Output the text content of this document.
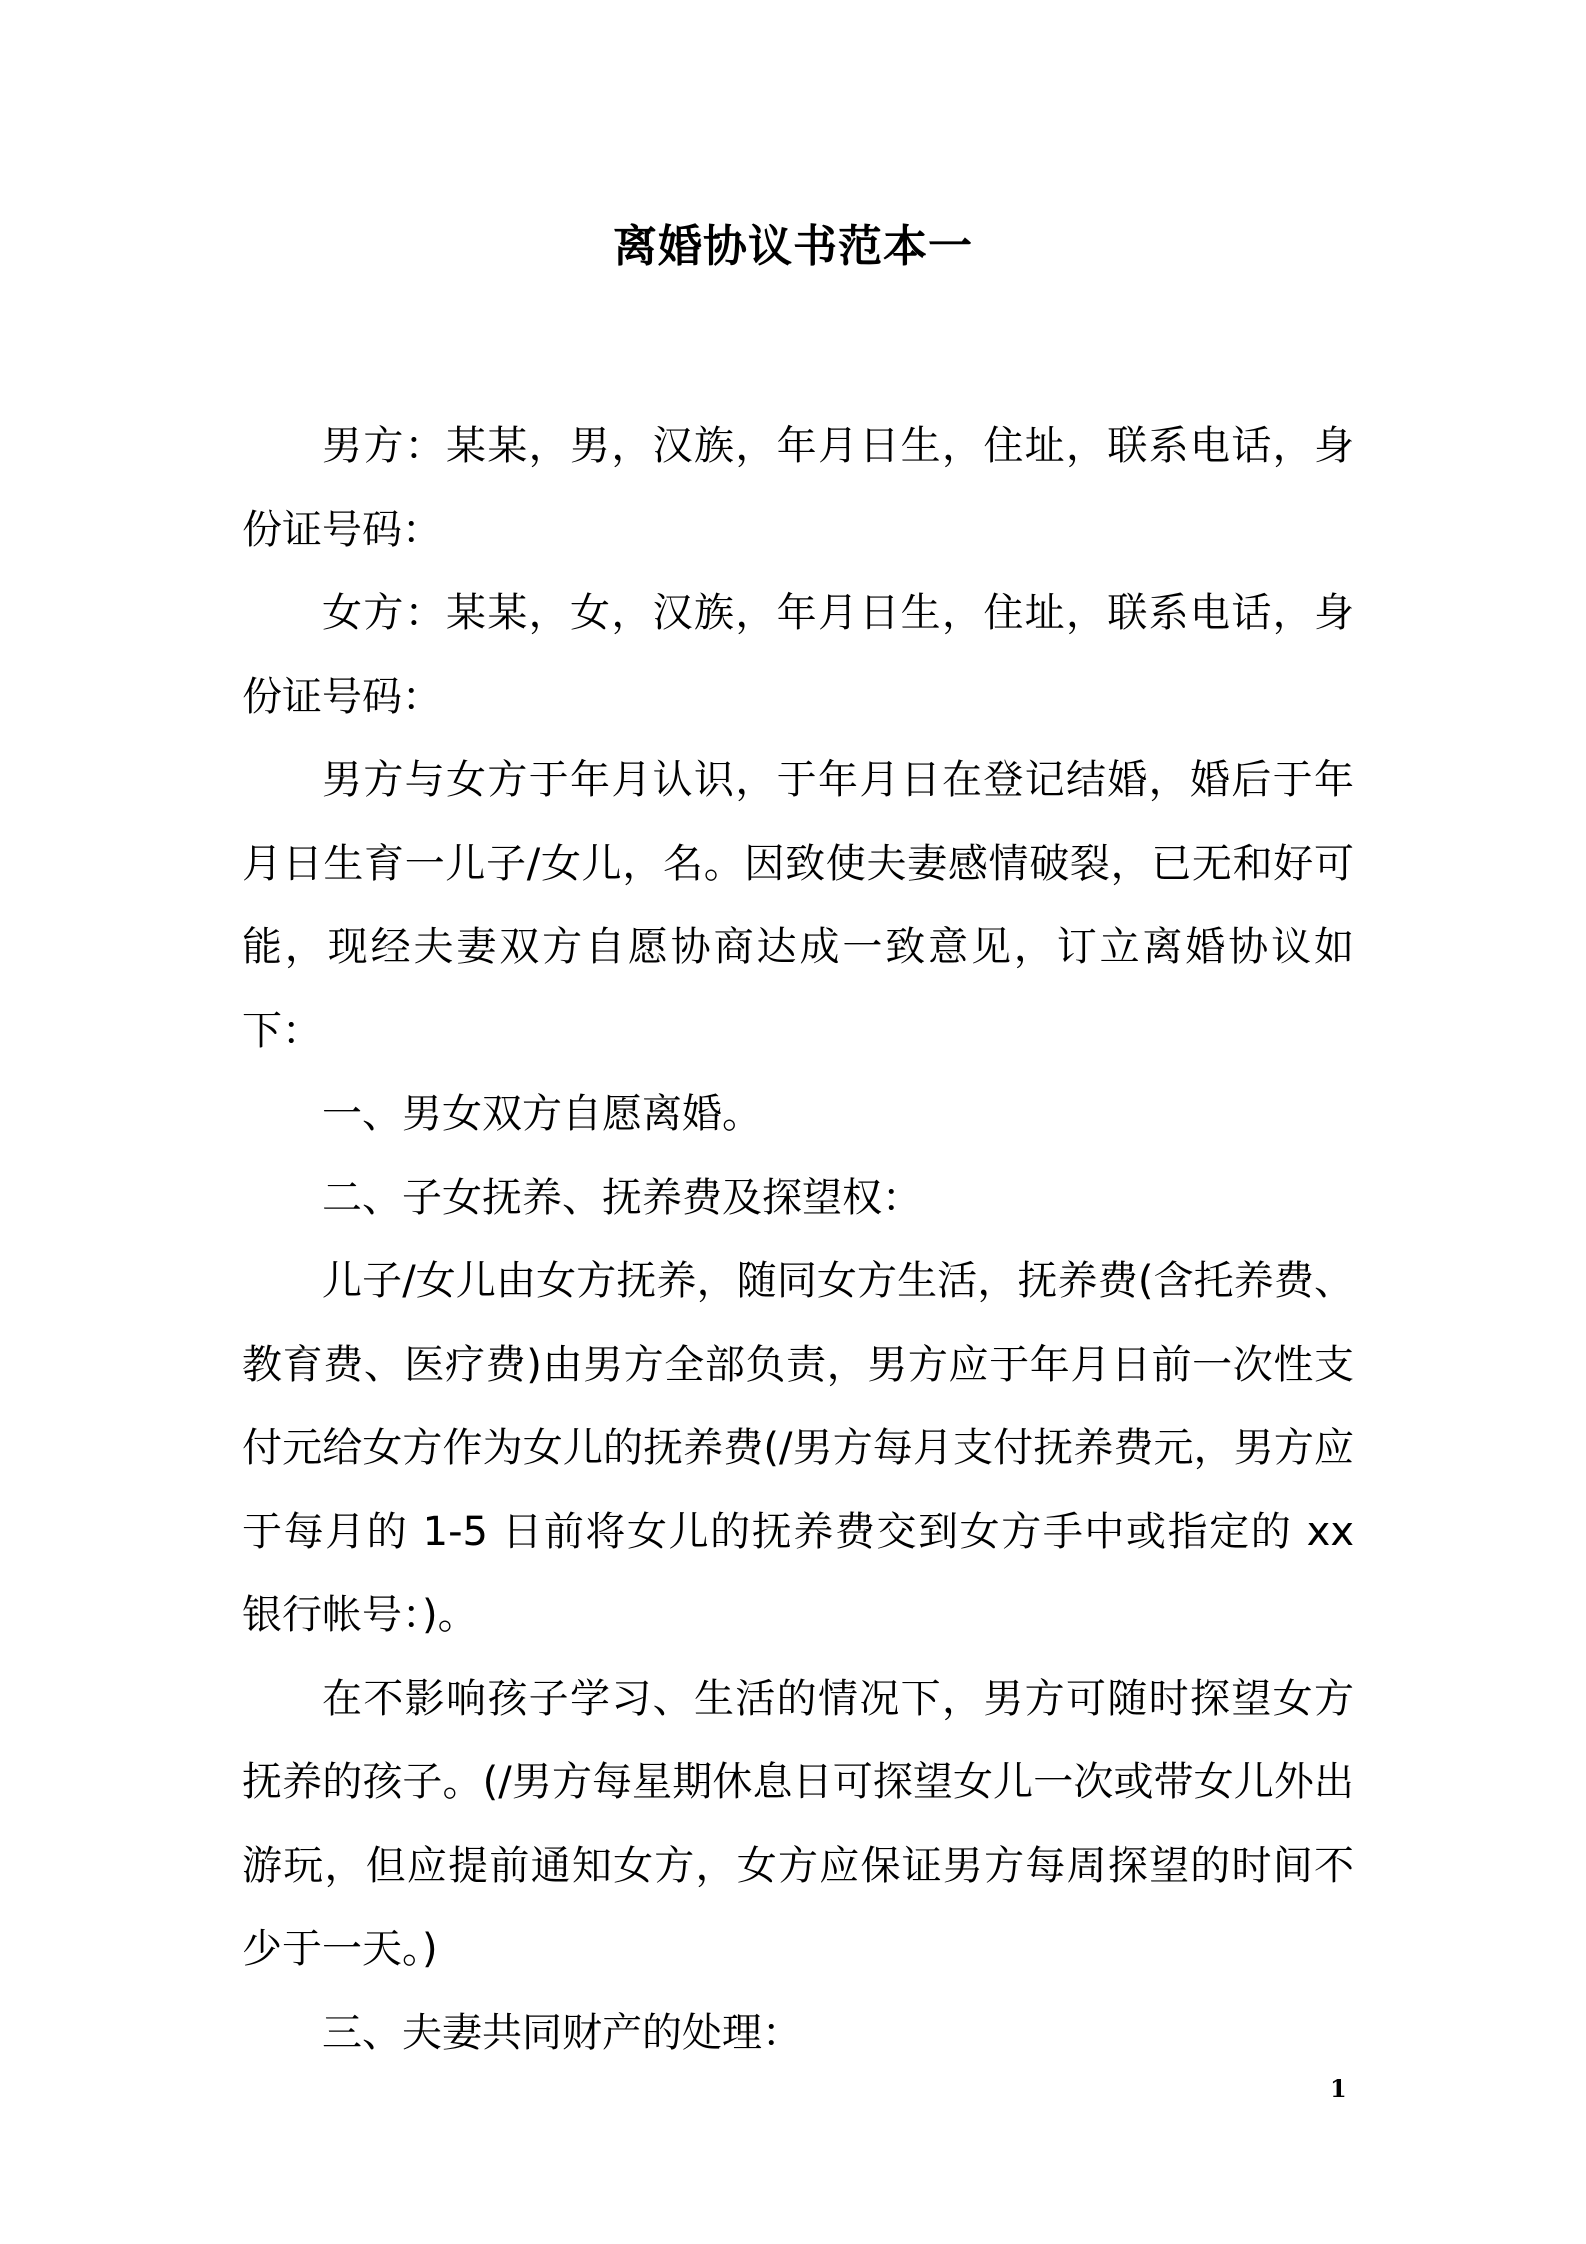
离婚协议书范本一

男方：某某，男，汉族，年月日生，住址，联系电话，身份证号码：

女方：某某，女，汉族，年月日生，住址，联系电话，身份证号码：

男方与女方于年月认识，于年月日在登记结婚，婚后于年月日生育一儿子/女儿，名。因致使夫妻感情破裂，已无和好可能，现经夫妻双方自愿协商达成一致意见，订立离婚协议如下：

一、男女双方自愿离婚。

二、子女抚养、抚养费及探望权：

儿子/女儿由女方抚养，随同女方生活，抚养费(含托养费、教育费、医疗费)由男方全部负责，男方应于年月日前一次性支付元给女方作为女儿的抚养费(/男方每月支付抚养费元，男方应于每月的 1-5 日前将女儿的抚养费交到女方手中或指定的 xx 银行帐号：)。

在不影响孩子学习、生活的情况下，男方可随时探望女方抚养的孩子。(/男方每星期休息日可探望女儿一次或带女儿外出游玩，但应提前通知女方，女方应保证男方每周探望的时间不少于一天。)

三、夫妻共同财产的处理：

1
